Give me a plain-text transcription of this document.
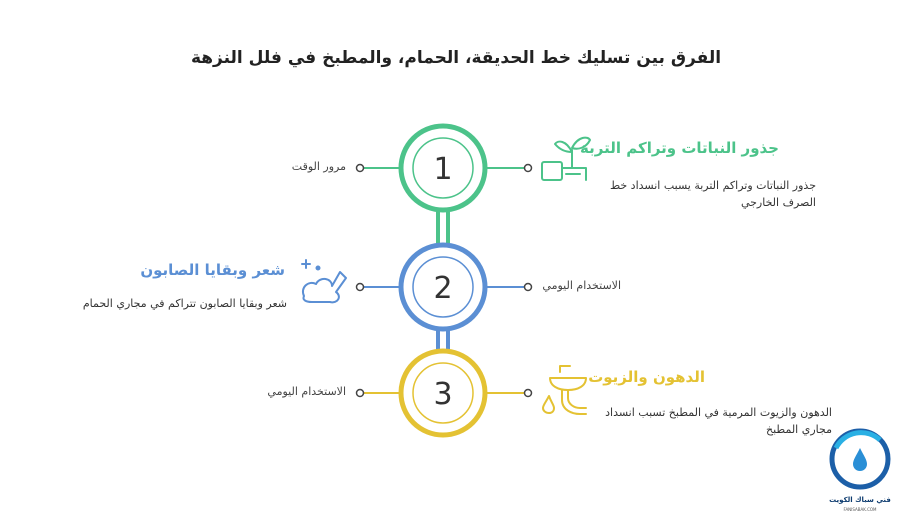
الفرق بين تسليك خط الحديقة، الحمام، والمطبخ في فلل النزهة
1
2
3
جذور النباتات وتراكم التربة
جذور النباتات وتراكم التربة يسبب انسداد خط الصرف الخارجي
مرور الوقت
شعر وبقايا الصابون
شعر وبقايا الصابون تتراكم في مجاري الحمام
الاستخدام اليومي
الدهون والزيوت
الدهون والزيوت المرمية في المطبخ تسبب انسداد مجاري المطبخ
الاستخدام اليومي
فني سباك الكويت
FANISABAK.COM
